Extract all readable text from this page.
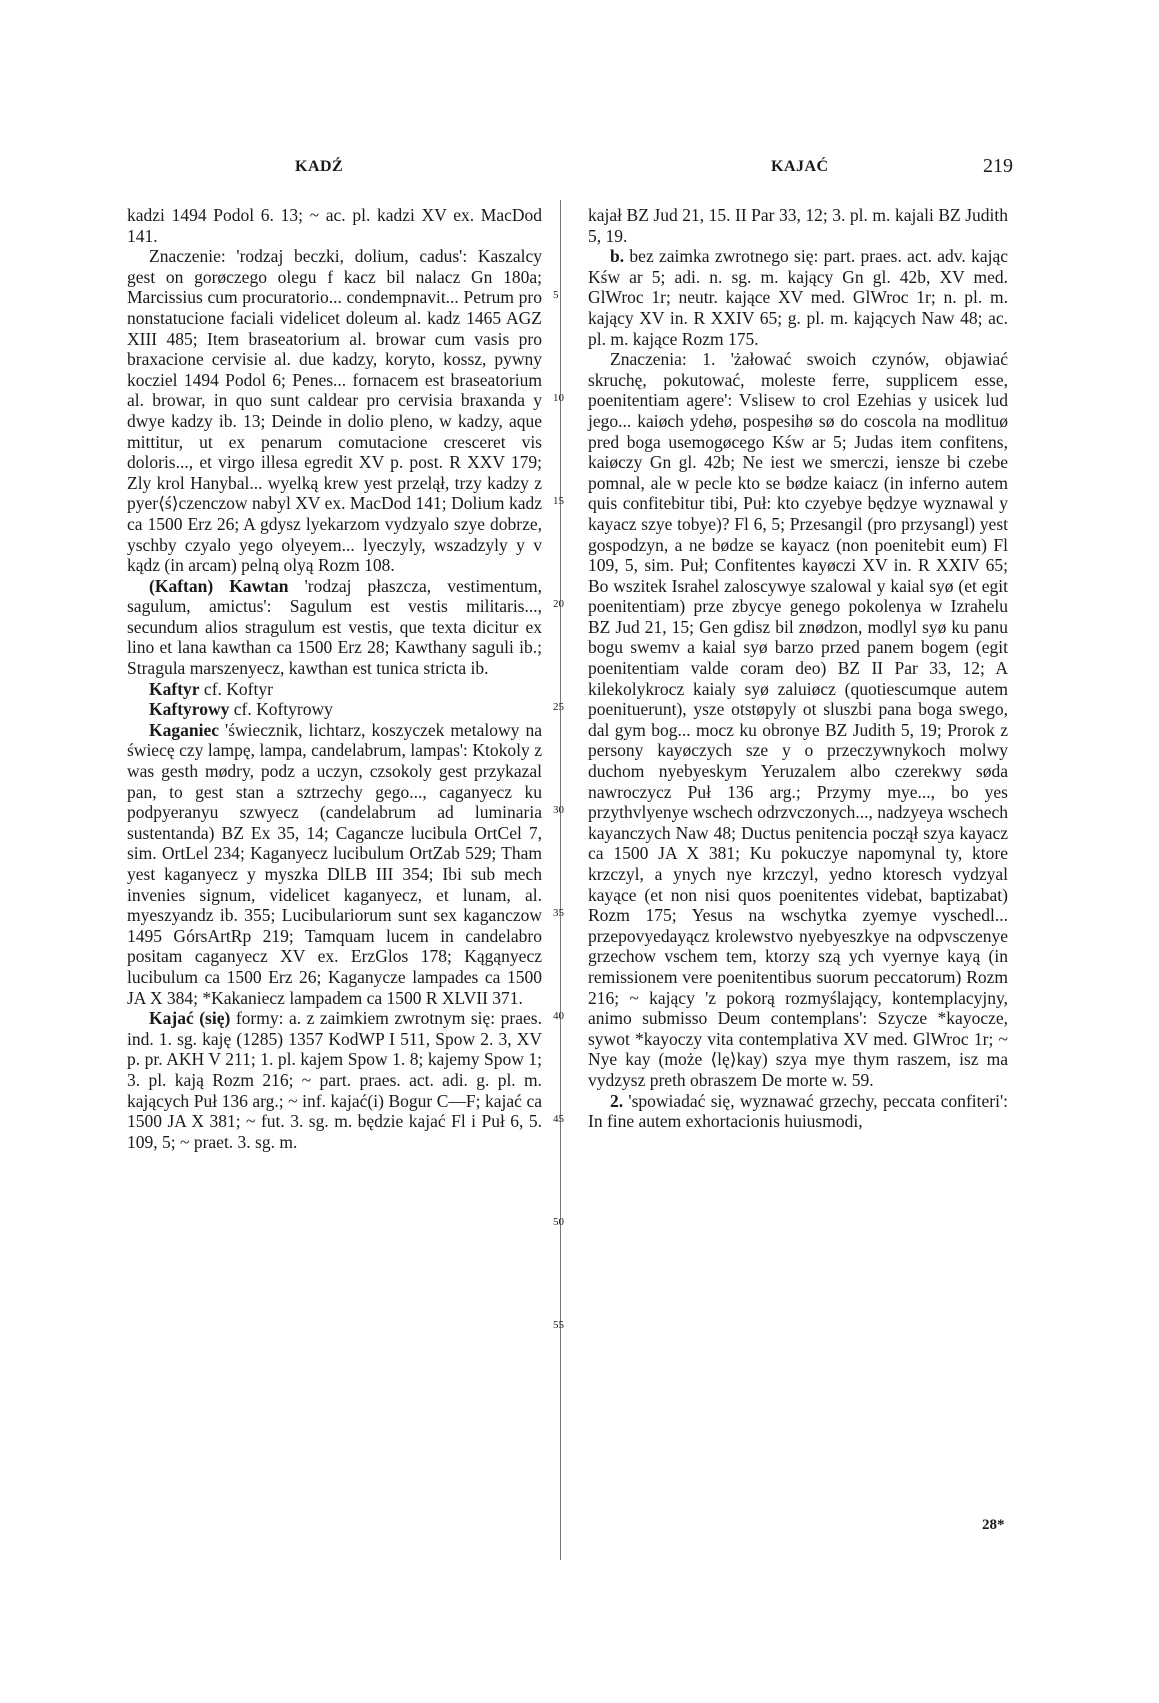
KADŹ	KAJAĆ	219

kadzi 1494 Podol 6. 13; ~ ac. pl. kadzi XV ex. MacDod 141.

Znaczenie: 'rodzaj beczki, dolium, cadus': Kaszalcy gest on gorøczego olegu f kacz bil nalacz Gn 180a; Marcissius cum procuratorio... condempnavit... Petrum pro nonstatucione faciali videlicet doleum al. kadz 1465 AGZ XIII 485; Item braseatorium al. browar cum vasis pro braxacione cervisie al. due kadzy, koryto, kossz, pywny kocziel 1494 Podol 6; Penes... fornacem est braseatorium al. browar, in quo sunt caldear pro cervisia braxanda y dwye kadzy ib. 13; Deinde in dolio pleno, w kadzy, aque mittitur, ut ex penarum comutacione cresceret vis doloris..., et virgo illesa egredit XV p. post. R XXV 179; Zly krol Hanybal... wyelką krew yest przelął, trzy kadzy z pyer⟨ś⟩czenczow nabyl XV ex. MacDod 141; Dolium kadz ca 1500 Erz 26; A gdysz lyekarzom vydzyalo szye dobrze, yschby czyalo yego olyeyem... lyeczyly, wszadzyly y v kądz (in arcam) pelną olyą Rozm 108.

(Kaftan) Kawtan 'rodzaj płaszcza, vestimentum, sagulum, amictus': Sagulum est vestis militaris..., secundum alios stragulum est vestis, que texta dicitur ex lino et lana kawthan ca 1500 Erz 28; Kawthany saguli ib.; Stragula marszenyecz, kawthan est tunica stricta ib.

Kaftyr cf. Koftyr

Kaftyrowy cf. Koftyrowy

Kaganiec 'świecznik, lichtarz, koszyczek metalowy na świecę czy lampę, lampa, candelabrum, lampas': Ktokoly z was gesth mødry, podz a uczyn, czsokoly gest przykazal pan, to gest stan a sztrzechy gego..., caganyecz ku podpyeranyu szwyecz (candelabrum ad luminaria sustentanda) BZ Ex 35, 14; Cagancze lucibula OrtCel 7, sim. OrtLel 234; Kaganyecz lucibulum OrtZab 529; Tham yest kaganyecz y myszka DlLB III 354; Ibi sub mech invenies signum, videlicet kaganyecz, et lunam, al. myeszyandz ib. 355; Lucibulariorum sunt sex kaganczow 1495 GórsArtRp 219; Tamquam lucem in candelabro positam caganyecz XV ex. ErzGlos 178; Kągąnyecz lucibulum ca 1500 Erz 26; Kaganycze lampades ca 1500 JA X 384; *Kakaniecz lampadem ca 1500 R XLVII 371.

Kajać (się) formy: a. z zaimkiem zwrotnym się: praes. ind. 1. sg. kaję (1285) 1357 KodWP I 511, Spow 2. 3, XV p. pr. AKH V 211; 1. pl. kajem Spow 1. 8; kajemy Spow 1; 3. pl. kają Rozm 216; ~ part. praes. act. adi. g. pl. m. kających Puł 136 arg.; ~ inf. kajać(i) Bogur C—F; kajać ca 1500 JA X 381; ~ fut. 3. sg. m. będzie kajać Fl i Puł 6, 5. 109, 5; ~ praet. 3. sg. m.

5
10
15
20
25
30
35
40
45
50
55

kajał BZ Jud 21, 15. II Par 33, 12; 3. pl. m. kajali BZ Judith 5, 19.

b. bez zaimka zwrotnego się: part. praes. act. adv. kając Kśw ar 5; adi. n. sg. m. kający Gn gl. 42b, XV med. GlWroc 1r; neutr. kające XV med. GlWroc 1r; n. pl. m. kający XV in. R XXIV 65; g. pl. m. kających Naw 48; ac. pl. m. kające Rozm 175.

Znaczenia: 1. 'żałować swoich czynów, objawiać skruchę, pokutować, moleste ferre, supplicem esse, poenitentiam agere': Vslisew to crol Ezehias y usicek lud jego... kaiøch ydehø, pospesihø sø do coscola na modlituø pred boga usemogøcego Kśw ar 5; Judas item confitens, kaiøczy Gn gl. 42b; Ne iest we smerczi, iensze bi czebe pomnal, ale w pecle kto se bødze kaiacz (in inferno autem quis confitebitur tibi, Puł: kto czyebye będzye wyznawal y kayacz szye tobye)? Fl 6, 5; Przesangil (pro przysangl) yest gospodzyn, a ne bødze se kayacz (non poenitebit eum) Fl 109, 5, sim. Puł; Confitentes kayøczi XV in. R XXIV 65; Bo wszitek Israhel zaloscywye szalowal y kaial syø (et egit poenitentiam) prze zbycye genego pokolenya w Izrahelu BZ Jud 21, 15; Gen gdisz bil znødzon, modlyl syø ku panu bogu swemv a kaial syø barzo przed panem bogem (egit poenitentiam valde coram deo) BZ II Par 33, 12; A kilekolykrocz kaialy syø zaluiøcz (quotiescumque autem poenituerunt), ysze otstøpyly ot sluszbi pana boga swego, dal gym bog... mocz ku obronye BZ Judith 5, 19; Prorok z persony kayøczych sze y o przeczywnykoch molwy duchom nyebyeskym Yeruzalem albo czerekwy søda nawroczycz Puł 136 arg.; Przymy mye..., bo yes przythvlyenye wschech odrzvczonych..., nadzyeya wschech kayanczych Naw 48; Ductus penitencia począł szya kayacz ca 1500 JA X 381; Ku pokuczye napomynal ty, ktore krzczyl, a ynych nye krzczyl, yedno ktoresch vydzyal kayące (et non nisi quos poenitentes videbat, baptizabat) Rozm 175; Yesus na wschytka zyemye vyschedl... przepovyedayącz krolewstvo nyebyeszkye na odpvsczenye grzechow vschem tem, ktorzy szą ych vyernye kayą (in remissionem vere poenitentibus suorum peccatorum) Rozm 216; ~ kający 'z pokorą rozmyślający, kontemplacyjny, animo submisso Deum contemplans': Szycze *kayocze, sywot *kayoczy vita contemplativa XV med. GlWroc 1r; ~ Nye kay (może ⟨lę⟩kay) szya mye thym raszem, isz ma vydzysz preth obraszem De morte w. 59.

2. 'spowiadać się, wyznawać grzechy, peccata confiteri': In fine autem exhortacionis huiusmodi,

28*
